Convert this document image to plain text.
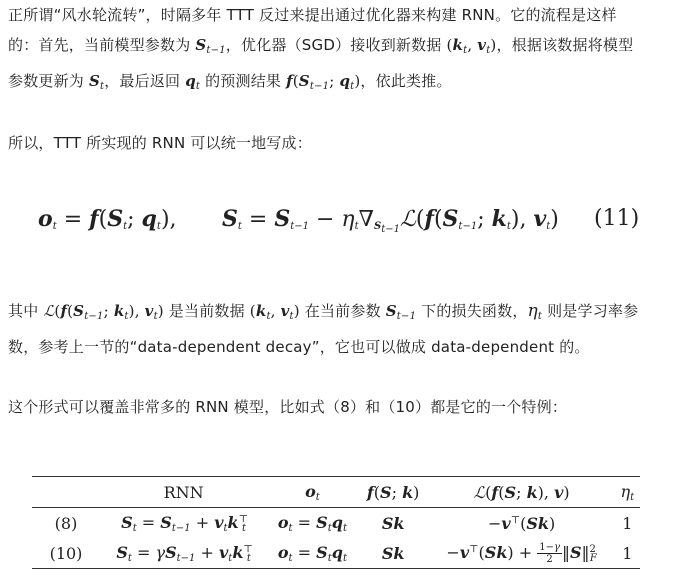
正所谓“风水轮流转”，时隔多年 TTT 反过来提出通过优化器来构建 RNN。它的流程是这样
的：首先，当前模型参数为 $S_{t-1}$，优化器（SGD）接收到新数据 ($k_t$, $v_t$)，根据该数据将模型
参数更新为 $S_t$，最后返回 $q_t$ 的预测结果 $f(S_{t-1}$; $q_t$)，依此类推。
所以，TTT 所实现的 RNN 可以统一地写成：
$o_t = f(S_t$; $q_t$), $S_t = S_{t-1}$ − $\eta_t\nabla_{S_{t-1}}ℒ(f(S_{t-1}$; $k_t$), $v_t$) (11)
其中 $ℒ(f(S_{t-1}$; $k_t$), $v_t$) 是当前数据 ($k_t$, $v_t$) 在当前参数 $S_{t-1}$ 下的损失函数，$\eta_t$ 则是学习率参
数，参考上一节的“data-dependent decay”，它也可以做成 data-dependent 的。
这个形式可以覆盖非常多的 RNN 模型，比如式（8）和（10）都是它的一个特例：
	RNN	$o_t$	f(S; k)	ℒ(f(S; k), v)	$\eta_t$
(8)	$S_t = S_{t-1} + v_tk^⊤_t$	$o_t = S_tq_t$	Sk	−v⊤(Sk)	1
(10)	$S_t = \gamma S_{t-1} + v_tk^⊤_t$	$o_t = S_tq_t$	Sk	$-v^⊤(Sk) + \frac{1-\gamma}{2}$ ‖S‖$^2_F$	1
